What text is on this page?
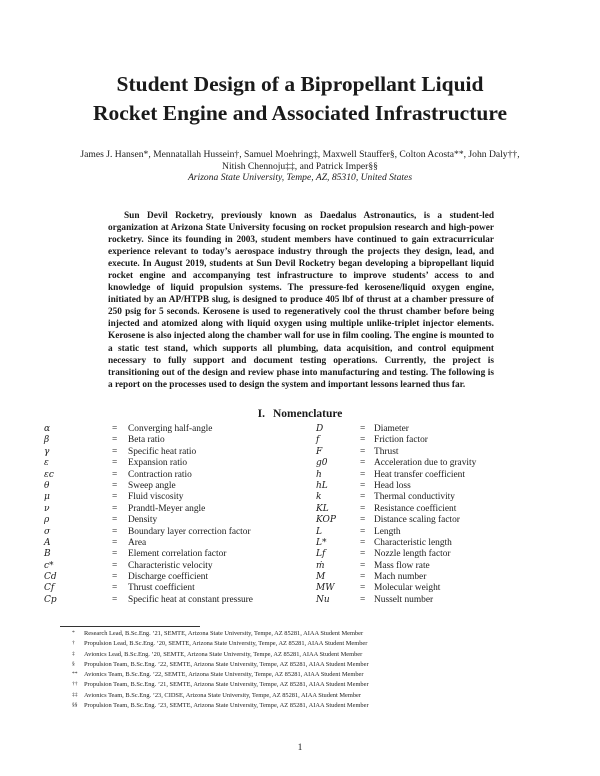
Student Design of a Bipropellant Liquid
Rocket Engine and Associated Infrastructure

James J. Hansen*, Mennatallah Hussein†, Samuel Moehring‡, Maxwell Stauffer§, Colton Acosta**, John Daly††,
Nitish Chennoju‡‡, and Patrick Imper§§

Arizona State University, Tempe, AZ, 85310, United States

Sun Devil Rocketry, previously known as Daedalus Astronautics, is a student-led organization at Arizona State University focusing on rocket propulsion research and high-power rocketry. Since its founding in 2003, student members have continued to gain extracurricular experience relevant to today’s aerospace industry through the projects they design, lead, and execute. In August 2019, students at Sun Devil Rocketry began developing a bipropellant liquid rocket engine and accompanying test infrastructure to improve students’ access to and knowledge of liquid propulsion systems. The pressure-fed kerosene/liquid oxygen engine, initiated by an AP/HTPB slug, is designed to produce 405 lbf of thrust at a chamber pressure of 250 psig for 5 seconds. Kerosene is used to regeneratively cool the thrust chamber before being injected and atomized along with liquid oxygen using multiple unlike-triplet injector elements. Kerosene is also injected along the chamber wall for use in film cooling. The engine is mounted to a static test stand, which supports all plumbing, data acquisition, and control equipment necessary to fully support and document testing operations. Currently, the project is transitioning out of the design and review phase into manufacturing and testing. The following is a report on the processes used to design the system and important lessons learned thus far.

I. Nomenclature
α	= Converging half-angle
β	= Beta ratio
γ	= Specific heat ratio
ε	= Expansion ratio
εc	= Contraction ratio
θ	= Sweep angle
μ	= Fluid viscosity
ν	= Prandtl-Meyer angle
ρ	= Density
σ	= Boundary layer correction factor
A	= Area
B	= Element correlation factor
c*	= Characteristic velocity
Cd	= Discharge coefficient
Cf	= Thrust coefficient
Cp	= Specific heat at constant pressure
D	= Diameter
f	= Friction factor
F	= Thrust
g0	= Acceleration due to gravity
h	= Heat transfer coefficient
hL	= Head loss
k	= Thermal conductivity
KL	= Resistance coefficient
KOP	= Distance scaling factor
L	= Length
L*	= Characteristic length
Lf	= Nozzle length factor
ṁ	= Mass flow rate
M	= Mach number
MW	= Molecular weight
Nu	= Nusselt number
* Research Lead, B.Sc.Eng. ’21, SEMTE, Arizona State University, Tempe, AZ 85281, AIAA Student Member
† Propulsion Lead, B.Sc.Eng. ’20, SEMTE, Arizona State University, Tempe, AZ 85281, AIAA Student Member
‡ Avionics Lead, B.Sc.Eng. ’20, SEMTE, Arizona State University, Tempe, AZ 85281, AIAA Student Member
§ Propulsion Team, B.Sc.Eng. ’22, SEMTE, Arizona State University, Tempe, AZ 85281, AIAA Student Member
** Avionics Team, B.Sc.Eng. ’22, SEMTE, Arizona State University, Tempe, AZ 85281, AIAA Student Member
†† Propulsion Team, B.Sc.Eng. ’21, SEMTE, Arizona State University, Tempe, AZ 85281, AIAA Student Member
‡‡ Avionics Team, B.Sc.Eng. ’23, CIDSE, Arizona State University, Tempe, AZ 85281, AIAA Student Member
§§ Propulsion Team, B.Sc.Eng. ’23, SEMTE, Arizona State University, Tempe, AZ 85281, AIAA Student Member

1
